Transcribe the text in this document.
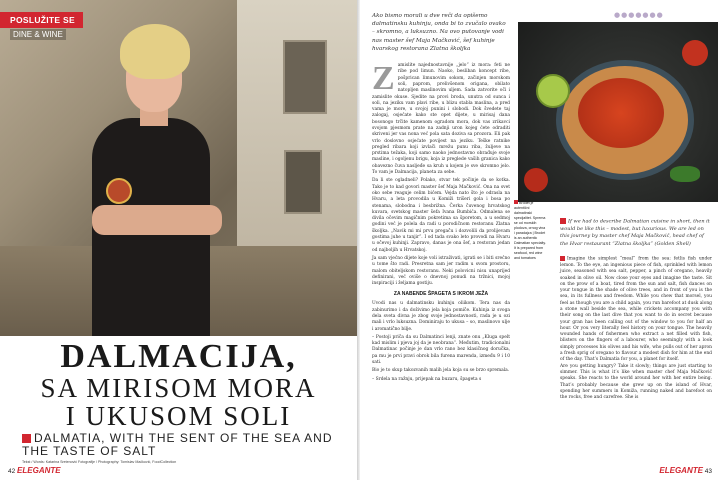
POSLUŽITE SE
DINE & WINE

DALMACIJA,

SA MIRISOM MORA

I UKUSOM SOLI

DALMATIA, WITH THE SENT OF THE SEA AND THE TASTE OF SALT
Tekst / Words: Katarina Sretenović Fotografije / Photography: Tomislav Mačković, FoodCollection
42 ELEGANTE

Ako bismo morali u dve reči da opišemo dalmatinsku kuhinju, onda bi to zvučalo ovako – skromno, a luksuzno. Na ovo putovanje vodi nas master šef Maja Mačković, šef kuhinje hvarskog restorana Zlatna školjka

Z amislite najednostavnije „jelo“ iz mora: feti ne ribe pod limun. Naoko, besliban koncept ribe, pošprican limunovim sokom, začinjen morskom soli, paprom, prelivšenom origana, obilato natopljen maslinovim uljem. Sada zatvorite oči i zamislite okuse. Sjedite na provi broda, unutra od sunca i soli, na jeziku vam plavi ribe, u blizu stabla maslina, a pred vama je more, u svojoj punini i slobodi. Dok švedete taj zalogaj, osjećate kako ste opet dijete, u mirisaj dana bosonogo trčite kamenom ogradom mora, dok vas zrikavci svojom pjesmom prate na zadnji uron kojeg ćete odraditi skriveni jer vas nona već pola sata doziva sa prozora. Eli pak vrlo doslovno osjećate povijest na jeziku. Teške ratnike pregled ribara koji izvlači mrežu punu riba, žuljeve na prstima težaka, koji samo naoko jednostavno obrađuje svoje maslinе, i ogoljenu brigu, koja iz preglede vaših granica kako obavezno čuva nasljeđe sa kruh u kojem je sve skromno jelo. To vam je Dalmacija, planeta za sebe.

Da li ste ogladneli? Polako, stvar tek počinje da se kotka. Tako je to kad govori master šef Maja Mačković. Ona na svet oko sebe reaguje celim bićem. Vejda nato što je odrasla na Hvaru, a leta provodila u Komiži trišeri gola i bosa po stenama, slobodna i besbrižna. Čerka čuvenog hrvatskog kuvara, svetskog master šefa Ivana Bumbića. Odmalena se divila očevim magičnim pokretima sa šporetom, a u sedmoj godini već je polela da radi u porodičnom restoranu Zlatna školjka. „Navik mi mi prvu pregaču i dozvolili da prolijevam gostima juhe u tanjir“. I od tada svako leto provodi na Hvaru u očevoj kuhinji. Zaprаvo, danas je ona šef, a restoran jedan od najboljih u Hrvatskoj.

Ja sam vjećno dijete koje voli istraživati, igrati se i biti srećno u tome što radi. Presretna sam jer radim u svom prostoru, malom obiteljskom restoranu. Neki polovicni nisu unaprijed definirani, već oviše o dnevnoj ponudi na tržnici, mojoj inspiraciji i željama gostiju.

ZA NABENDE ŠPAGETA S IKROM JEŽA

Uvodi nas u dalmatinsku kuhinju oliikom. Tera nas da zabinurimo i da doživimo jela koja pomiče. Kuhinja iz svoga dela sveta divna je zbog svoje jednostavnosti, rada je u ozi mali i vrlo luksuzna. Dominiraju to ukusa – so, maslinovo ulje i aromatično bilje.

– Postoji priča da su Dalmatinci lenji, znate onu „Kluga spelt kad mislim i pjeva joj da je neobrana“. Međutim, tradicionalni Dalmatinac počinje je dan vrlo rano bez klasičnog doručka, pa mu je prvi pravi obrok bila furena marenda, između 9 i 10 sati.

Bio je to skup takozvanih malih jela koja su se brzo spremala.

– Srdela na ražnju, prijepak na buzaru, špageta s

●●●●●●●
Brodet je autentični dalmatinski specijalitet. Sprema se od morskih plodova, crnog vina i paradajza | Brodet is an authentic Dalmatian specialty. It is prepared from seafood, red wine and tomatoes

If we had to describe Dalmatian cuisine in short, then it would be like this – modest, but luxurious. We are led on this journey by master chef Maja Mačković, head chef of the Hvar restaurant “Zlatna školjka” (Golden Shell)

Imagine the simplest “meal” from the sea: fetlis fish under lemon. To the eye, an ingenious piece of fish, sprinkled with lemon juice, seasoned with sea salt, pepper, a pinch of oregano, heavily soaked in olive oil. Now close your eyes and imagine the taste. Sit on the prow of a boat, tired from the sun and salt, fish dances on your tongue in the shade of olive trees, and in front of you is the sea, in its fullness and freedom. While you chew that morsel, you feel as though you are a child again, you run barefoot at dusk along a stone wall beside the sea, while crickets accompany you with their song on the last dive that you want to do in secret because your gran has been calling out of the window to you for half an hour. Or you very literally feel history on your tongue. The heavily wounded hands of fishermen who extract a net filled with fish, blisters on the fingers of a labourer, who seemingly with a look simply processes his olives and his wife, who pulls out of her apron a fresh sprig of oregano to flavour a modest dish for him at the end of the day. That’s Dalmatia for you, a planet for itself.

Are you getting hungry? Take it slowly; things are just starting to simmer. This is what it’s like when master chef Maja Mačković speaks. She reacts to the world around her with her entire being. That’s probably because she grew up on the island of Hvar, spending her summers in Komiža, running naked and barefoot on the rocks, free and carefree. She is

ELEGANTE 43
